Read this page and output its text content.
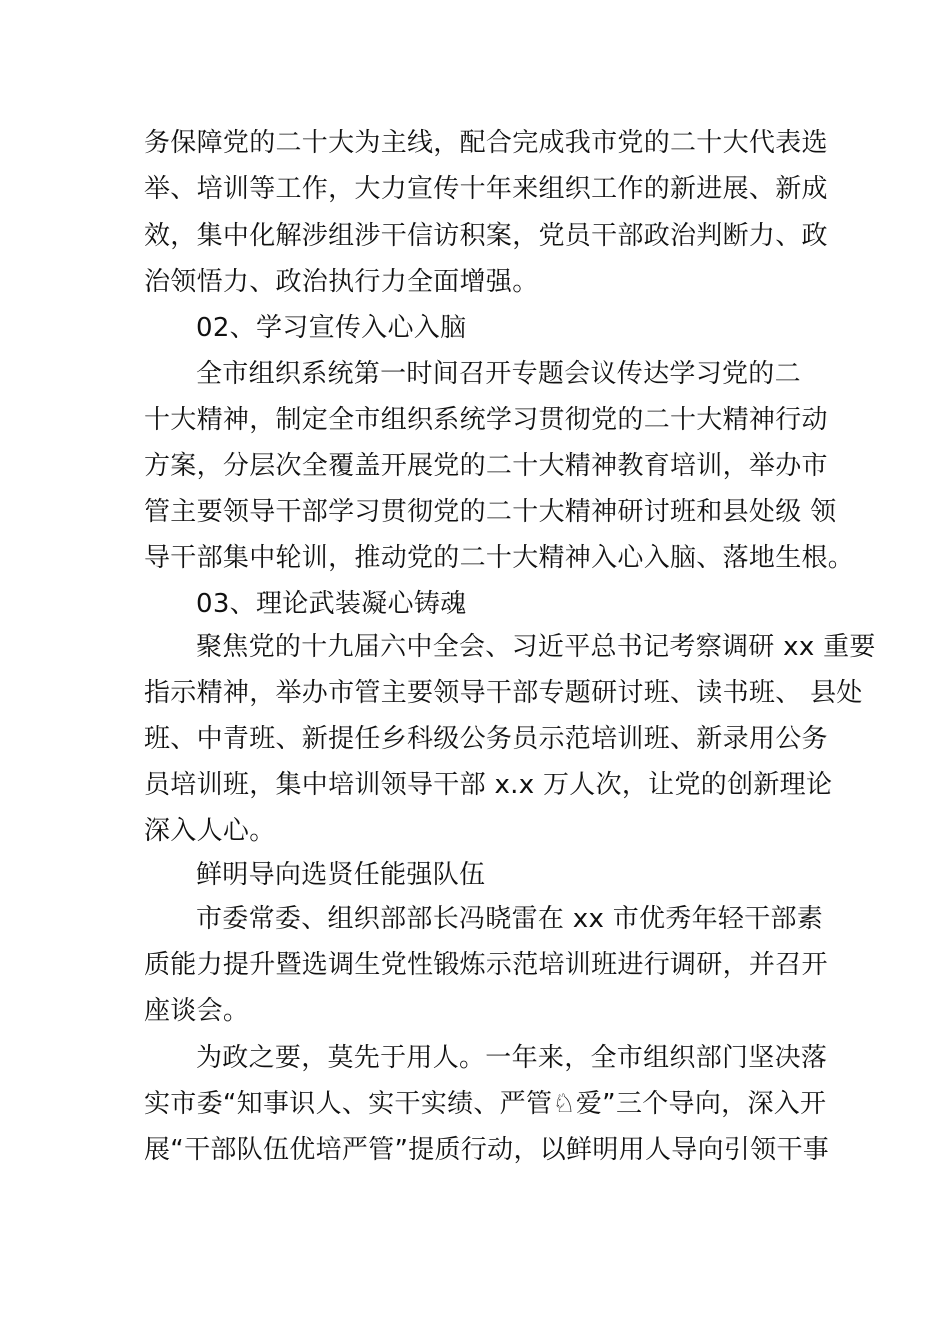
务保障党的二十大为主线，配合完成我市党的二十大代表选
举、培训等工作，大力宣传十年来组织工作的新进展、新成
效，集中化解涉组涉干信访积案，党员干部政治判断力、政
治领悟力、政治执行力全面增强。
02、学习宣传入心入脑
全市组织系统第一时间召开专题会议传达学习党的二
十大精神，制定全市组织系统学习贯彻党的二十大精神行动
方案，分层次全覆盖开展党的二十大精神教育培训，举办市
管主要领导干部学习贯彻党的二十大精神研讨班和县处级 领
导干部集中轮训，推动党的二十大精神入心入脑、落地生根。
03、理论武装凝心铸魂
聚焦党的十九届六中全会、习近平总书记考察调研 xx 重要
指示精神，举办市管主要领导干部专题研讨班、读书班、 县处
班、中青班、新提任乡科级公务员示范培训班、新录用公务
员培训班，集中培训领导干部 x.x 万人次，让党的创新理论
深入人心。
鲜明导向选贤任能强队伍
市委常委、组织部部长冯晓雷在 xx 市优秀年轻干部素
质能力提升暨选调生党性锻炼示范培训班进行调研，并召开
座谈会。
为政之要，莫先于用人。一年来，全市组织部门坚决落
实市委“知事识人、实干实绩、严管♘爱”三个导向，深入开
展“干部队伍优培严管”提质行动，以鲜明用人导向引领干事
